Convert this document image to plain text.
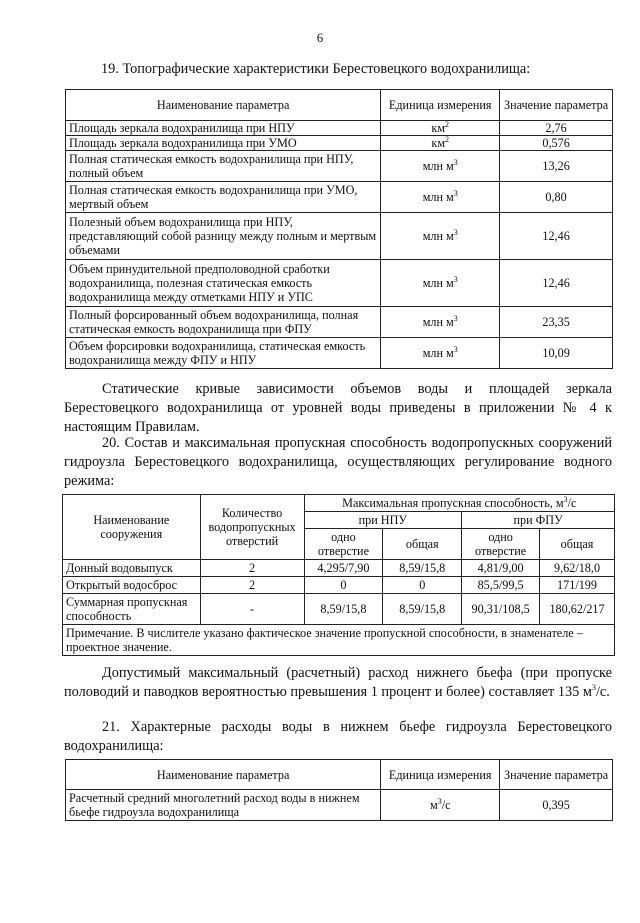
6

19. Топографические характеристики Берестовецкого водохранилища:

Наименование параметра	Единица измерения	Значение параметра
Площадь зеркала водохранилища при НПУ	$км^2$	2,76
Площадь зеркала водохранилища при УМО	$км^2$	0,576
Полная статическая емкость водохранилища при НПУ, полный объем	млн $м^3$	13,26
Полная статическая емкость водохранилища при УМО, мертвый объем	млн $м^3$	0,80
Полезный объем водохранилища при НПУ, представляющий собой разницу между полным и мертвым объемами	млн $м^3$	12,46
Объем принудительной предполоводной сработки водохранилища, полезная статическая емкость водохранилища между отметками НПУ и УПС	млн $м^3$	12,46
Полный форсированный объем водохранилища, полная статическая емкость водохранилища при ФПУ	млн $м^3$	23,35
Объем форсировки водохранилища, статическая емкость водохранилища между ФПУ и НПУ	млн $м^3$	10,09

Статические кривые зависимости объемов воды и площадей зеркала Берестовецкого водохранилища от уровней воды приведены в приложении № 4 к настоящим Правилам.

20. Состав и максимальная пропускная способность водопропускных сооружений гидроузла Берестовецкого водохранилища, осуществляющих регулирование водного режима:

Наименование сооружения	Количество водопропускных отверстий	Максимальная пропускная способность, $м^3/с$			
		при НПУ		при ФПУ	
		одно отверстие	общая	одно отверстие	общая
Донный водовыпуск	2	4,295/7,90	8,59/15,8	4,81/9,00	9,62/18,0
Открытый водосброс	2	0	0	85,5/99,5	171/199
Суммарная пропускная способность	-	8,59/15,8	8,59/15,8	90,31/108,5	180,62/217
Примечание. В числителе указано фактическое значение пропускной способности, в знаменателе – проектное значение.					

Допустимый максимальный (расчетный) расход нижнего бьефа (при пропуске половодий и паводков вероятностью превышения 1 процент и более) составляет 135 $м^3/с$.

21. Характерные расходы воды в нижнем бьефе гидроузла Берестовецкого водохранилища:

Наименование параметра	Единица измерения	Значение параметра
Расчетный средний многолетний расход воды в нижнем бьефе гидроузла водохранилища	$м^3/с$	0,395
